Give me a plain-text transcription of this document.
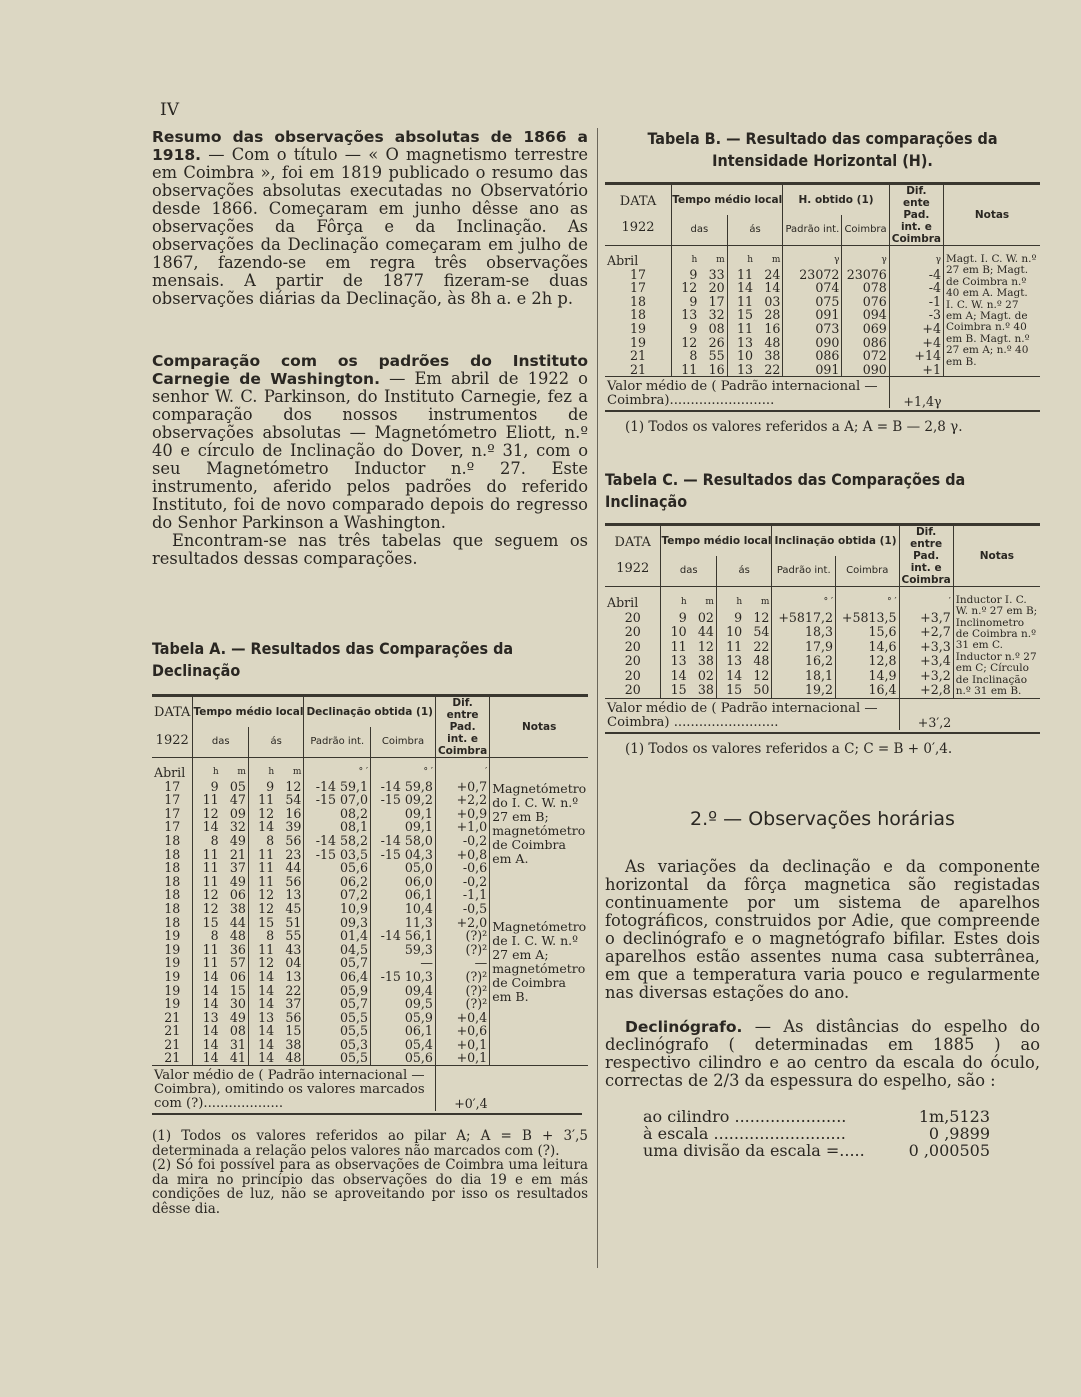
IV

Resumo das observações absolutas de 1866 a 1918. — Com o título — « O magnetismo terrestre em Coimbra », foi em 1819 publicado o resumo das observações absolutas executadas no Observatório desde 1866. Começaram em junho dêsse ano as observações da Fôrça e da Inclinação. As observações da Declinação começaram em julho de 1867, fazendo-se em regra três observações mensais. A partir de 1877 fizeram-se duas observações diárias da Declinação, às 8h a. e 2h p.

Comparação com os padrões do Instituto Carnegie de Washington. — Em abril de 1922 o senhor W. C. Parkinson, do Instituto Carnegie, fez a comparação dos nossos instrumentos de observações absolutas — Magnetómetro Eliott, n.º 40 e círculo de Inclinação do Dover, n.º 31, com o seu Magnetómetro Inductor n.º 27. Este instrumento, aferido pelos padrões do referido Instituto, foi de novo comparado depois do regresso do Senhor Parkinson a Washington.

Encontram-se nas três tabelas que seguem os resultados dessas comparações.

Tabela A. — Resultados das Comparações da Declinação
DATA
1922	Tempo médio local				Declinação obtida (1)		Dif. entre Pad. int. e Coimbra	Notas
	das		ás		Padrão int.	Coimbra		
Abril	h	m	h	m	° ′	° ′	′	Magnetómetro do I. C. W. n.º 27 em B; magnetómetro de Coimbra em A.
Magnetómetro de I. C. W. n.º 27 em A; magnetómetro de Coimbra em B.

17	9	05	9	12	-14 59,1	-14 59,8	+0,7	
17	11	47	11	54	-15 07,0	-15 09,2	+2,2	
17	12	09	12	16	08,2	09,1	+0,9	
17	14	32	14	39	08,1	09,1	+1,0	
18	8	49	8	56	-14 58,2	-14 58,0	-0,2	
18	11	21	11	23	-15 03,5	-15 04,3	+0,8	
18	11	37	11	44	05,6	05,0	-0,6	
18	11	49	11	56	06,2	06,0	-0,2	
18	12	06	12	13	07,2	06,1	-1,1	
18	12	38	12	45	10,9	10,4	-0,5	
18	15	44	15	51	09,3	11,3	+2,0	
19	8	48	8	55	01,4	-14 56,1	(?)²	
19	11	36	11	43	04,5	59,3	(?)²	
19	11	57	12	04	05,7	—	—	
19	14	06	14	13	06,4	-15 10,3	(?)²	
19	14	15	14	22	05,9	09,4	(?)²	
19	14	30	14	37	05,7	09,5	(?)²	
21	13	49	13	56	05,5	05,9	+0,4	
21	14	08	14	15	05,5	06,1	+0,6	
21	14	31	14	38	05,3	05,4	+0,1	
21	14	41	14	48	05,5	05,6	+0,1	
Valor médio de ( Padrão internacional — Coimbra), omitindo os valores marcados com (?)...................							+0′,4	

(1) Todos os valores referidos ao pilar A; A = B + 3′,5 determinada a relação pelos valores não marcados com (?).

(2) Só foi possível para as observações de Coimbra uma leitura da mira no princípio das observações do dia 19 e em más condições de luz, não se aproveitando por isso os resultados dêsse dia.

Tabela B. — Resultado das comparações da Intensidade Horizontal (H).
DATA
1922	Tempo médio local				H. obtido (1)		Dif. ente Pad. int. e Coimbra	Notas
	das		ás		Padrão int.	Coimbra		
Abril	h	m	h	m	γ	γ	γ	Magt. I. C. W. n.º 27 em B; Magt. de Coimbra n.º 40 em A. Magt. I. C. W. n.º 27 em A; Magt. de Coimbra n.º 40 em B. Magt. n.º 27 em A; n.º 40 em B.

17	9	33	11	24	23072	23076	-4	
17	12	20	14	14	074	078	-4	
18	9	17	11	03	075	076	-1	
18	13	32	15	28	091	094	-3	
19	9	08	11	16	073	069	+4	
19	12	26	13	48	090	086	+4	
21	8	55	10	38	086	072	+14	
21	11	16	13	22	091	090	+1	
Valor médio de ( Padrão internacional — Coimbra).........................							+1,4γ	

(1) Todos os valores referidos a A; A = B — 2,8 γ.

Tabela C. — Resultados das Comparações da Inclinação
DATA
1922	Tempo médio local				Inclinação obtida (1)		Dif. entre Pad. int. e Coimbra	Notas
	das		ás		Padrão int.	Coimbra		
Abril	h	m	h	m	° ′	° ′	′	Inductor I. C. W. n.º 27 em B; Inclinometro de Coimbra n.º 31 em C. Inductor n.º 27 em C; Círculo de Inclinação n.º 31 em B.

20	9	02	9	12	+5817,2	+5813,5	+3,7	
20	10	44	10	54	18,3	15,6	+2,7	
20	11	12	11	22	17,9	14,6	+3,3	
20	13	38	13	48	16,2	12,8	+3,4	
20	14	02	14	12	18,1	14,9	+3,2	
20	15	38	15	50	19,2	16,4	+2,8	
Valor médio de ( Padrão internacional — Coimbra) .........................							+3′,2	

(1) Todos os valores referidos a C; C = B + 0′,4.

2.º — Observações horárias

As variações da declinação e da componente horizontal da fôrça magnetica são registadas continuamente por um sistema de aparelhos fotográficos, construidos por Adie, que compreende o declinógrafo e o magnetógrafo bifilar. Estes dois aparelhos estão assentes numa casa subterrânea, em que a temperatura varia pouco e regularmente nas diversas estações do ano.

Declinógrafo. — As distâncias do espelho do declinógrafo ( determinadas em 1885 ) ao respectivo cilindro e ao centro da escala do óculo, correctas de 2/3 da espessura do espelho, são :

ao cilindro ......................	1m,5123
à escala ..........................	0 ,9899
uma divisão da escala =.....	0 ,000505
